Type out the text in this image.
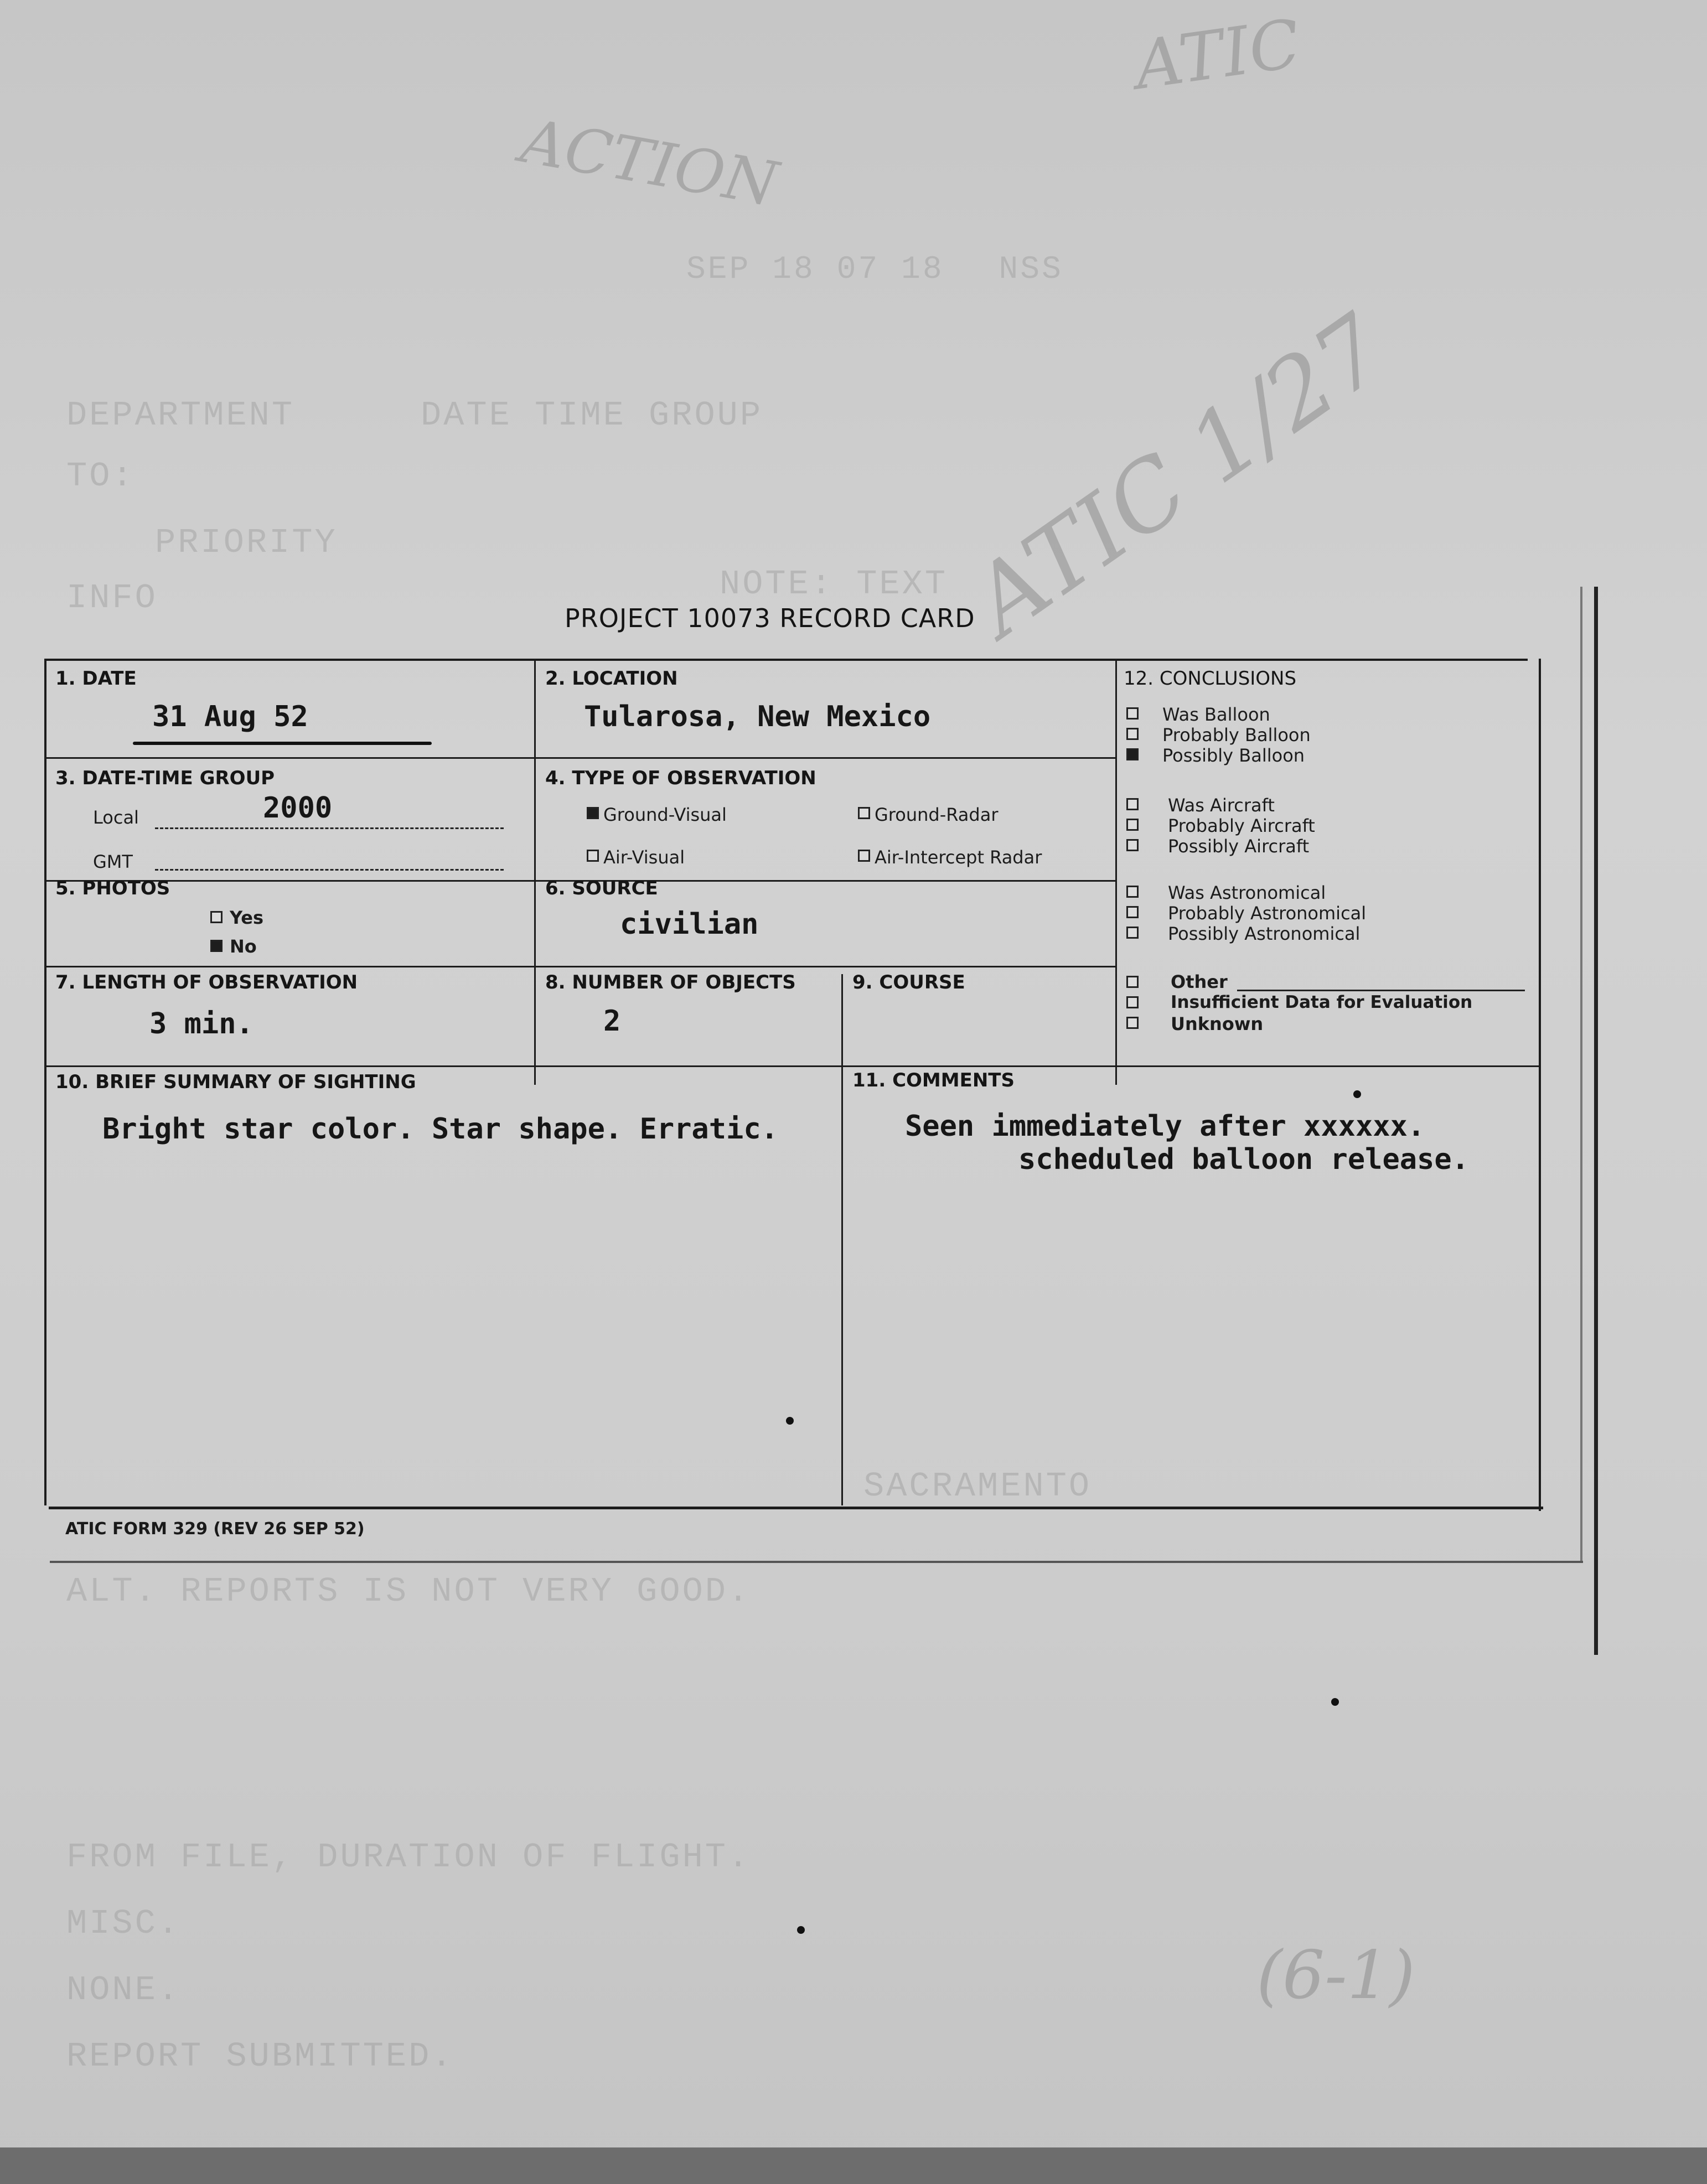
ACTION
SEP 18 07 18 NSS
ATIC
ATIC 1/27
(6-1)
DEPARTMENT
TO:
INFO
PRIORITY
DATE TIME GROUP
NOTE: TEXT
SACRAMENTO
ALT. REPORTS IS NOT VERY GOOD.
FROM FILE, DURATION OF FLIGHT.
MISC.
NONE.
REPORT SUBMITTED.
PROJECT 10073 RECORD CARD
1. DATE
31 Aug 52
2. LOCATION
Tularosa, New Mexico
3. DATE-TIME GROUP
Local	2000
GMT
4. TYPE OF OBSERVATION
Ground-Visual	Ground-Radar
Air-Visual	Air-Intercept Radar
5. PHOTOS
Yes
No
6. SOURCE
civilian
7. LENGTH OF OBSERVATION
3 min.
8. NUMBER OF OBJECTS
2
9. COURSE
10. BRIEF SUMMARY OF SIGHTING
Bright star color. Star shape. Erratic.
11. COMMENTS
Seen immediately after xxxxxx.
scheduled balloon release.
12. CONCLUSIONS
Was Balloon
Probably Balloon
Possibly Balloon
Was Aircraft
Probably Aircraft
Possibly Aircraft
Was Astronomical
Probably Astronomical
Possibly Astronomical
Other
Insufficient Data for Evaluation
Unknown
ATIC FORM 329 (REV 26 SEP 52)
